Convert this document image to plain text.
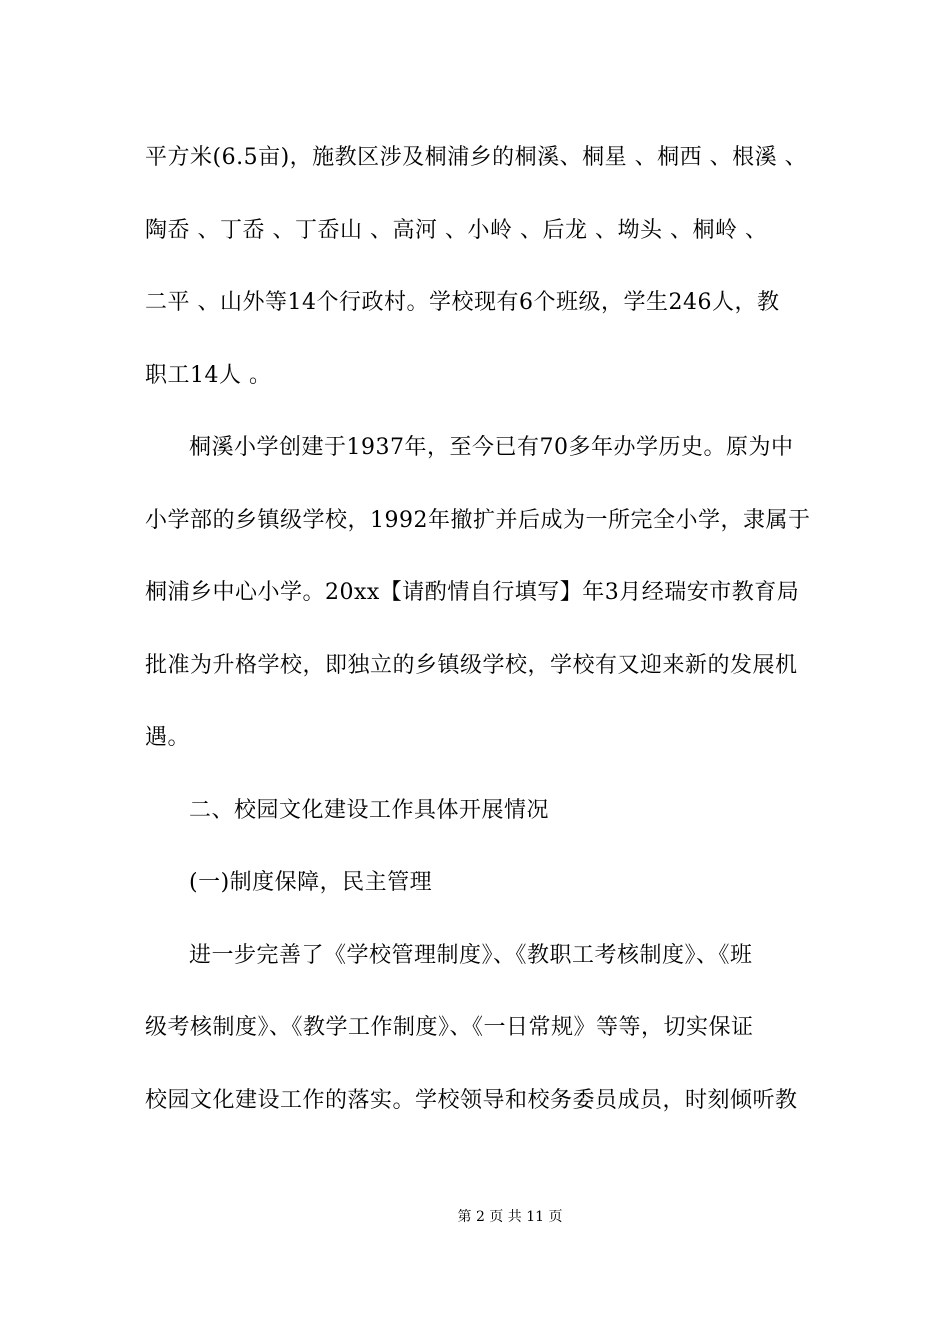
平方米(6.5亩)，施教区涉及桐浦乡的桐溪、桐星 、桐西 、根溪 、
陶岙 、丁岙 、丁岙山 、高河 、小岭 、后龙 、坳头 、桐岭 、
二平 、山外等14个行政村。学校现有6个班级，学生246人，教
职工14人 。
桐溪小学创建于1937年，至今已有70多年办学历史。原为中
小学部的乡镇级学校，1992年撤扩并后成为一所完全小学，隶属于
桐浦乡中心小学。20xx【请酌情自行填写】年3月经瑞安市教育局
批准为升格学校，即独立的乡镇级学校，学校有又迎来新的发展机
遇。
二、校园文化建设工作具体开展情况
(一)制度保障，民主管理
进一步完善了《学校管理制度》、《教职工考核制度》、《班
级考核制度》、《教学工作制度》、《一日常规》等等，切实保证
校园文化建设工作的落实。学校领导和校务委员成员，时刻倾听教
第 2 页 共 11 页
